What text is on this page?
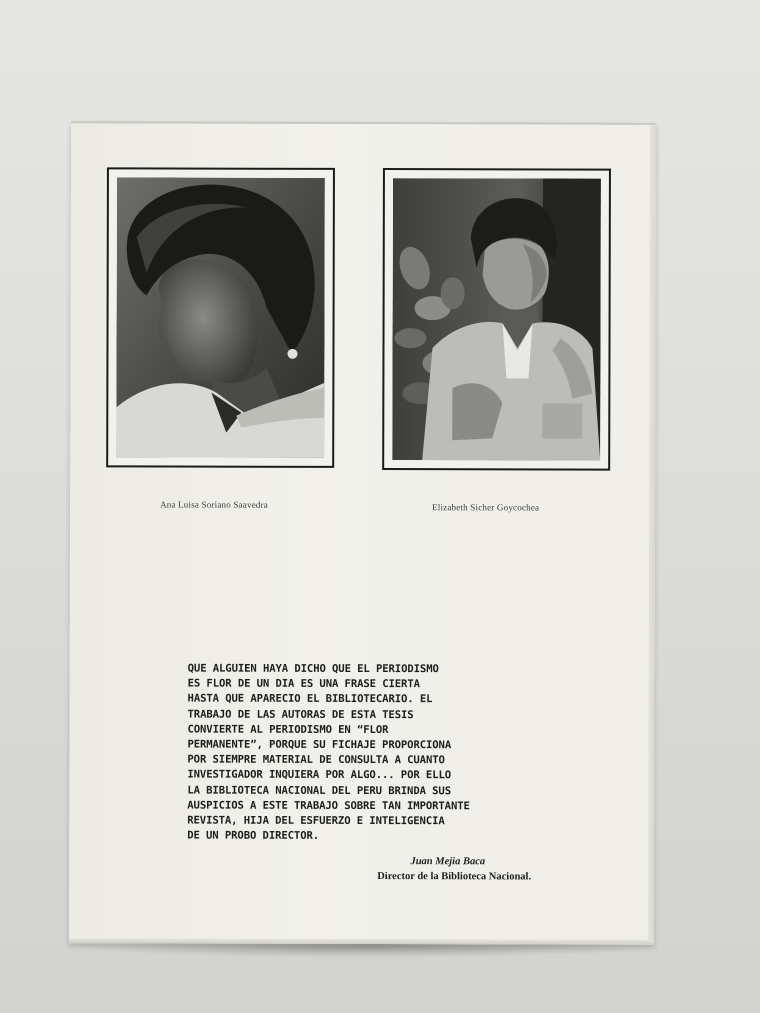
Ana Luisa Soriano Saavedra	Elizabeth Sicher Goycochea
QUE ALGUIEN HAYA DICHO QUE EL PERIODISMO
ES FLOR DE UN DIA ES UNA FRASE CIERTA
HASTA QUE APARECIO EL BIBLIOTECARIO. EL
TRABAJO DE LAS AUTORAS DE ESTA TESIS
CONVIERTE AL PERIODISMO EN “FLOR
PERMANENTE”, PORQUE SU FICHAJE PROPORCIONA
POR SIEMPRE MATERIAL DE CONSULTA A CUANTO
INVESTIGADOR INQUIERA POR ALGO... POR ELLO
LA BIBLIOTECA NACIONAL DEL PERU BRINDA SUS
AUSPICIOS A ESTE TRABAJO SOBRE TAN IMPORTANTE
REVISTA, HIJA DEL ESFUERZO E INTELIGENCIA
DE UN PROBO DIRECTOR.
Juan Mejia Baca
Director de la Biblioteca Nacional.
